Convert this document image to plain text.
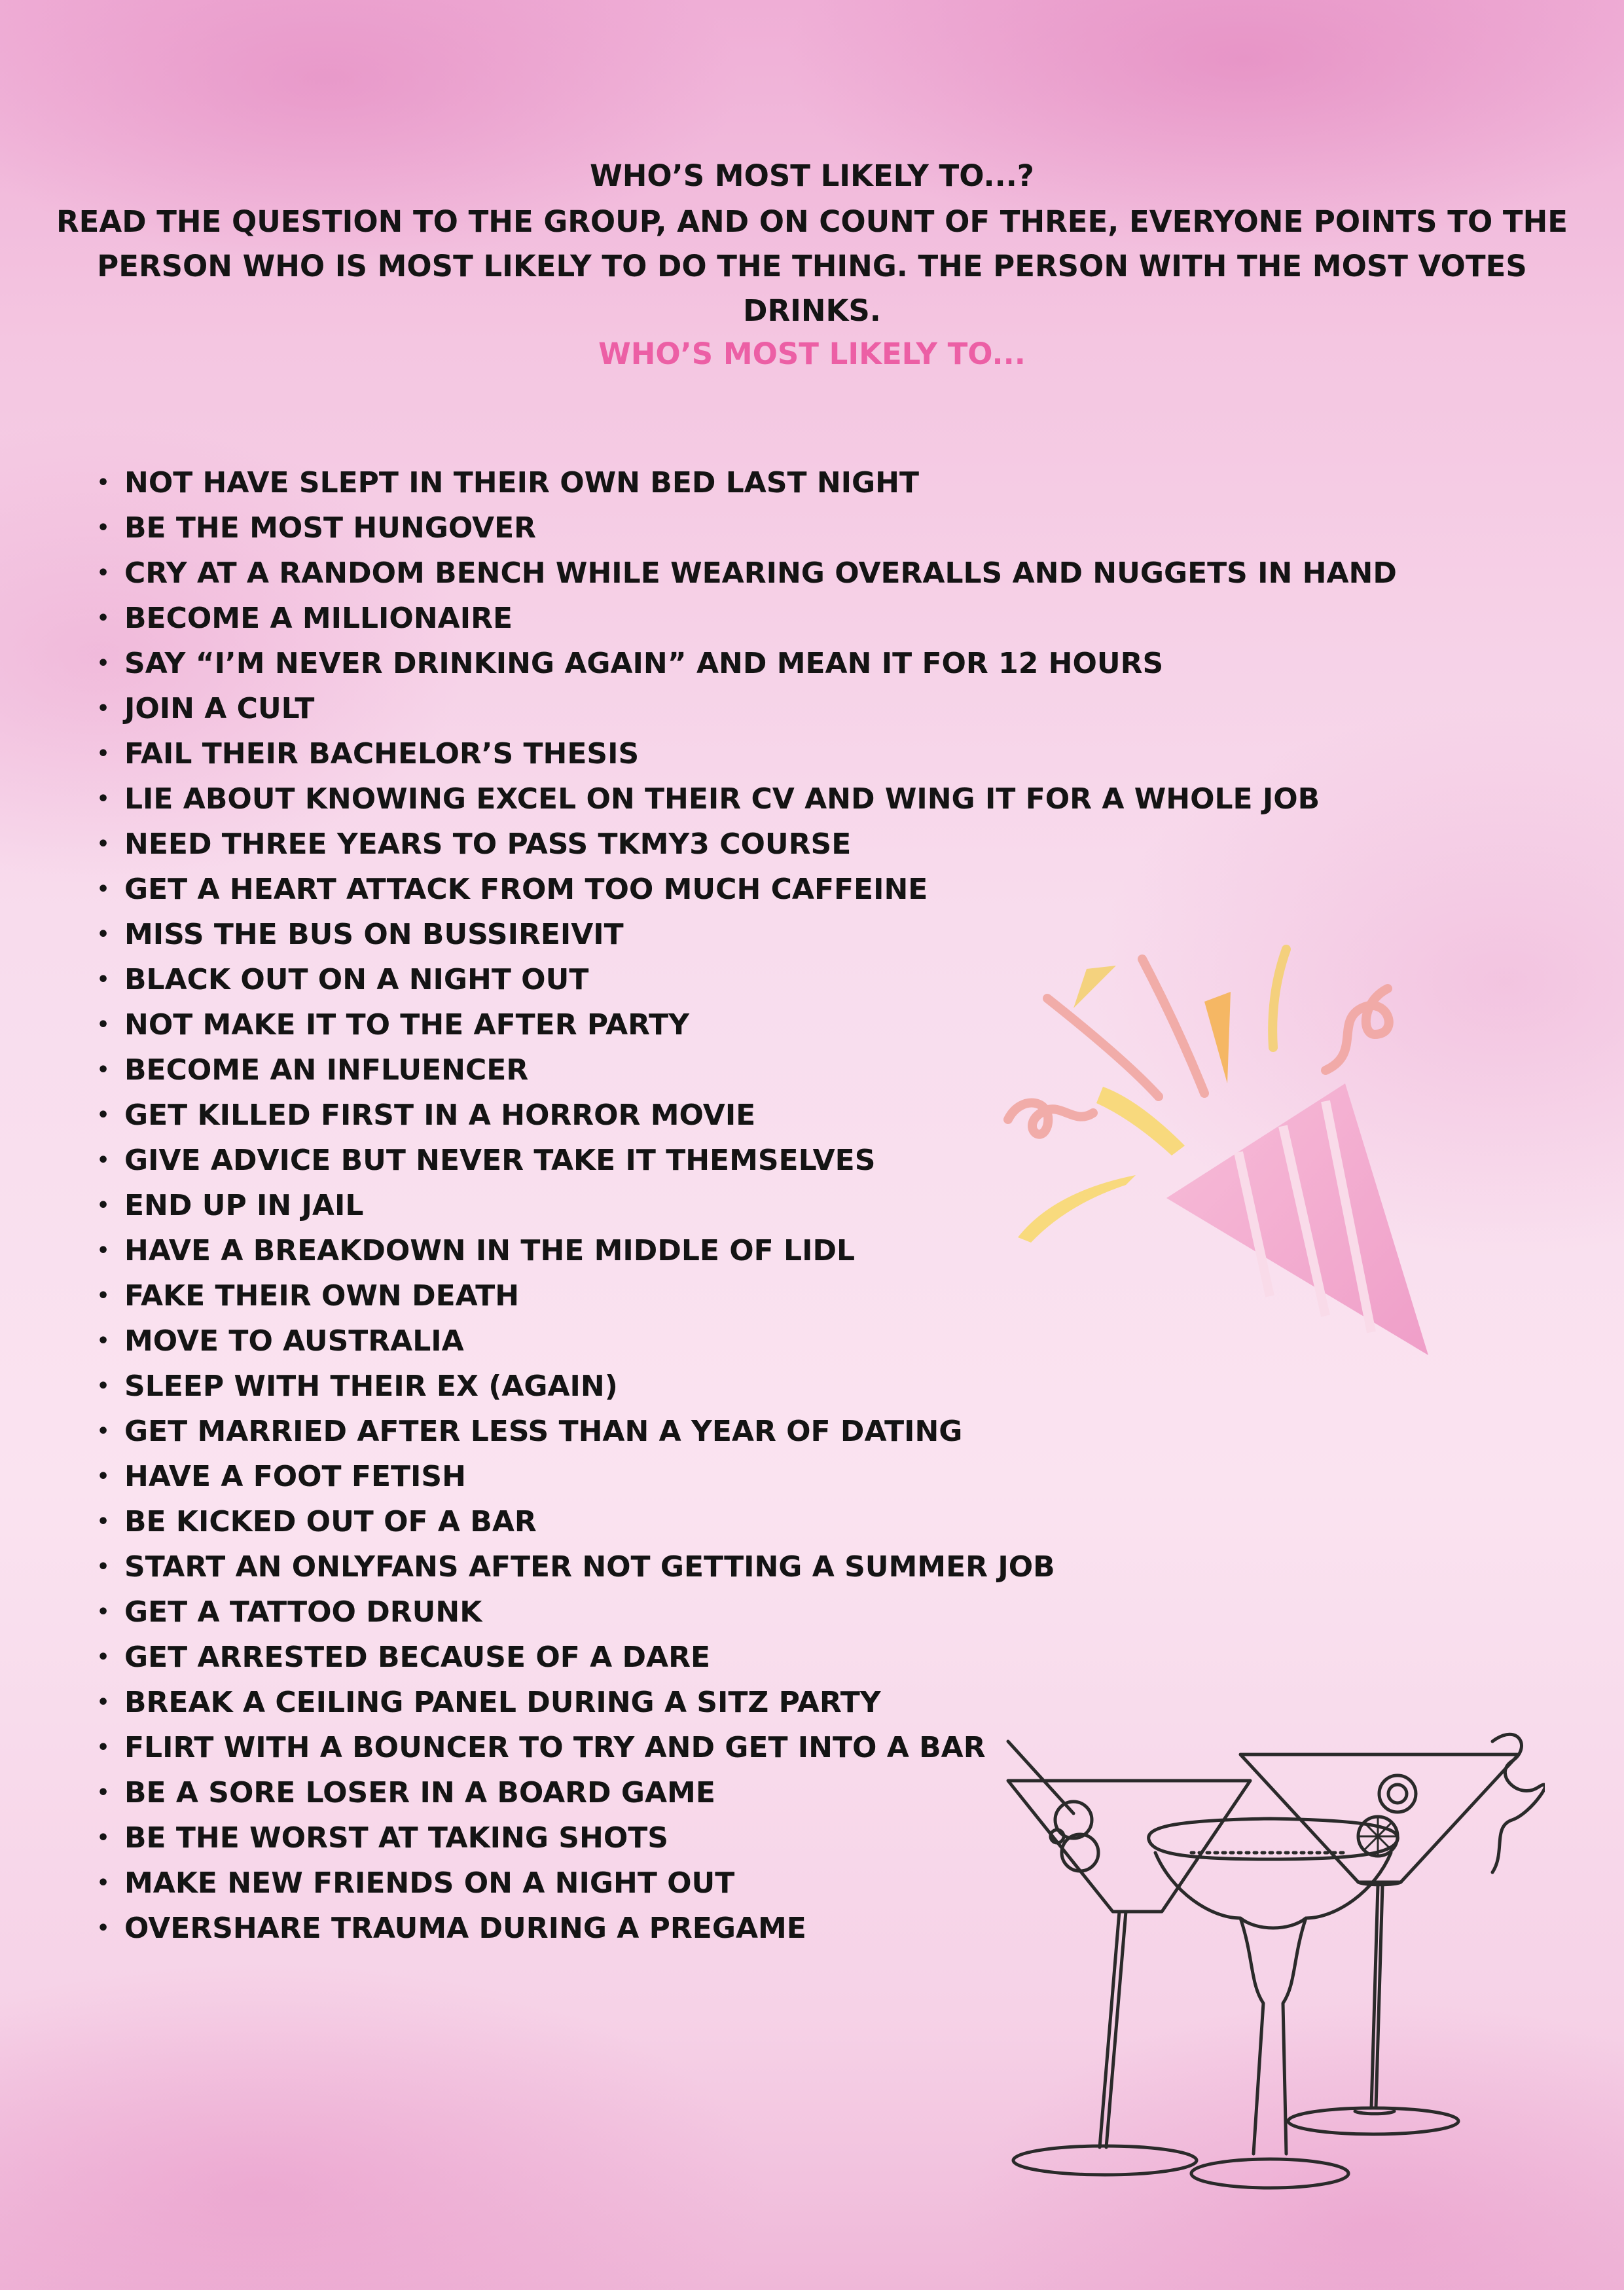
WHO’S MOST LIKELY TO...?
READ THE QUESTION TO THE GROUP, AND ON COUNT OF THREE, EVERYONE POINTS TO THE PERSON WHO IS MOST LIKELY TO DO THE THING. THE PERSON WITH THE MOST VOTES DRINKS.
WHO’S MOST LIKELY TO...
• NOT HAVE SLEPT IN THEIR OWN BED LAST NIGHT
• BE THE MOST HUNGOVER
• CRY AT A RANDOM BENCH WHILE WEARING OVERALLS AND NUGGETS IN HAND
• BECOME A MILLIONAIRE
• SAY “I’M NEVER DRINKING AGAIN” AND MEAN IT FOR 12 HOURS
• JOIN A CULT
• FAIL THEIR BACHELOR’S THESIS
• LIE ABOUT KNOWING EXCEL ON THEIR CV AND WING IT FOR A WHOLE JOB
• NEED THREE YEARS TO PASS TKMY3 COURSE
• GET A HEART ATTACK FROM TOO MUCH CAFFEINE
• MISS THE BUS ON BUSSIREIVIT
• BLACK OUT ON A NIGHT OUT
• NOT MAKE IT TO THE AFTER PARTY
• BECOME AN INFLUENCER
• GET KILLED FIRST IN A HORROR MOVIE
• GIVE ADVICE BUT NEVER TAKE IT THEMSELVES
• END UP IN JAIL
• HAVE A BREAKDOWN IN THE MIDDLE OF LIDL
• FAKE THEIR OWN DEATH
• MOVE TO AUSTRALIA
• SLEEP WITH THEIR EX (AGAIN)
• GET MARRIED AFTER LESS THAN A YEAR OF DATING
• HAVE A FOOT FETISH
• BE KICKED OUT OF A BAR
• START AN ONLYFANS AFTER NOT GETTING A SUMMER JOB
• GET A TATTOO DRUNK
• GET ARRESTED BECAUSE OF A DARE
• BREAK A CEILING PANEL DURING A SITZ PARTY
• FLIRT WITH A BOUNCER TO TRY AND GET INTO A BAR
• BE A SORE LOSER IN A BOARD GAME
• BE THE WORST AT TAKING SHOTS
• MAKE NEW FRIENDS ON A NIGHT OUT
• OVERSHARE TRAUMA DURING A PREGAME
